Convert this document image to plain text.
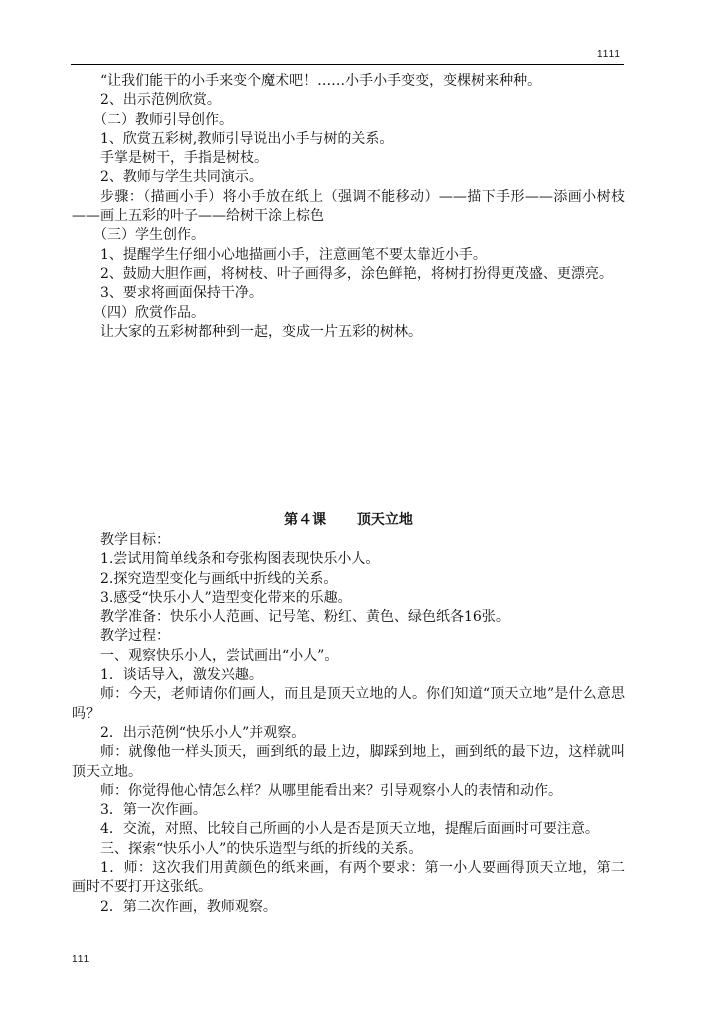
1111

“让我们能干的小手来变个魔术吧！……小手小手变变，变棵树来种种。

2、出示范例欣赏。

（二）教师引导创作。

1、欣赏五彩树,教师引导说出小手与树的关系。

手掌是树干，手指是树枝。

2、教师与学生共同演示。

步骤：（描画小手）将小手放在纸上（强调不能移动）——描下手形——添画小树枝——画上五彩的叶子——给树干涂上棕色

（三）学生创作。

1、提醒学生仔细小心地描画小手，注意画笔不要太靠近小手。

2、鼓励大胆作画，将树枝、叶子画得多，涂色鲜艳，将树打扮得更茂盛、更漂亮。

3、要求将画面保持干净。

（四）欣赏作品。

让大家的五彩树都种到一起，变成一片五彩的树林。

第４课 顶天立地

教学目标：

1.尝试用简单线条和夸张构图表现快乐小人。

2.探究造型变化与画纸中折线的关系。

3.感受“快乐小人”造型变化带来的乐趣。

教学准备：快乐小人范画、记号笔、粉红、黄色、绿色纸各16张。

教学过程：

一、观察快乐小人，尝试画出“小人”。

1．谈话导入，激发兴趣。

师：今天，老师请你们画人，而且是顶天立地的人。你们知道“顶天立地”是什么意思吗？

2．出示范例“快乐小人”并观察。

师：就像他一样头顶天，画到纸的最上边，脚踩到地上，画到纸的最下边，这样就叫顶天立地。

师：你觉得他心情怎么样？从哪里能看出来？引导观察小人的表情和动作。

3．第一次作画。

4．交流，对照、比较自己所画的小人是否是顶天立地，提醒后面画时可要注意。

三、探索“快乐小人”的快乐造型与纸的折线的关系。

1．师：这次我们用黄颜色的纸来画，有两个要求：第一小人要画得顶天立地，第二画时不要打开这张纸。

2．第二次作画，教师观察。

111
